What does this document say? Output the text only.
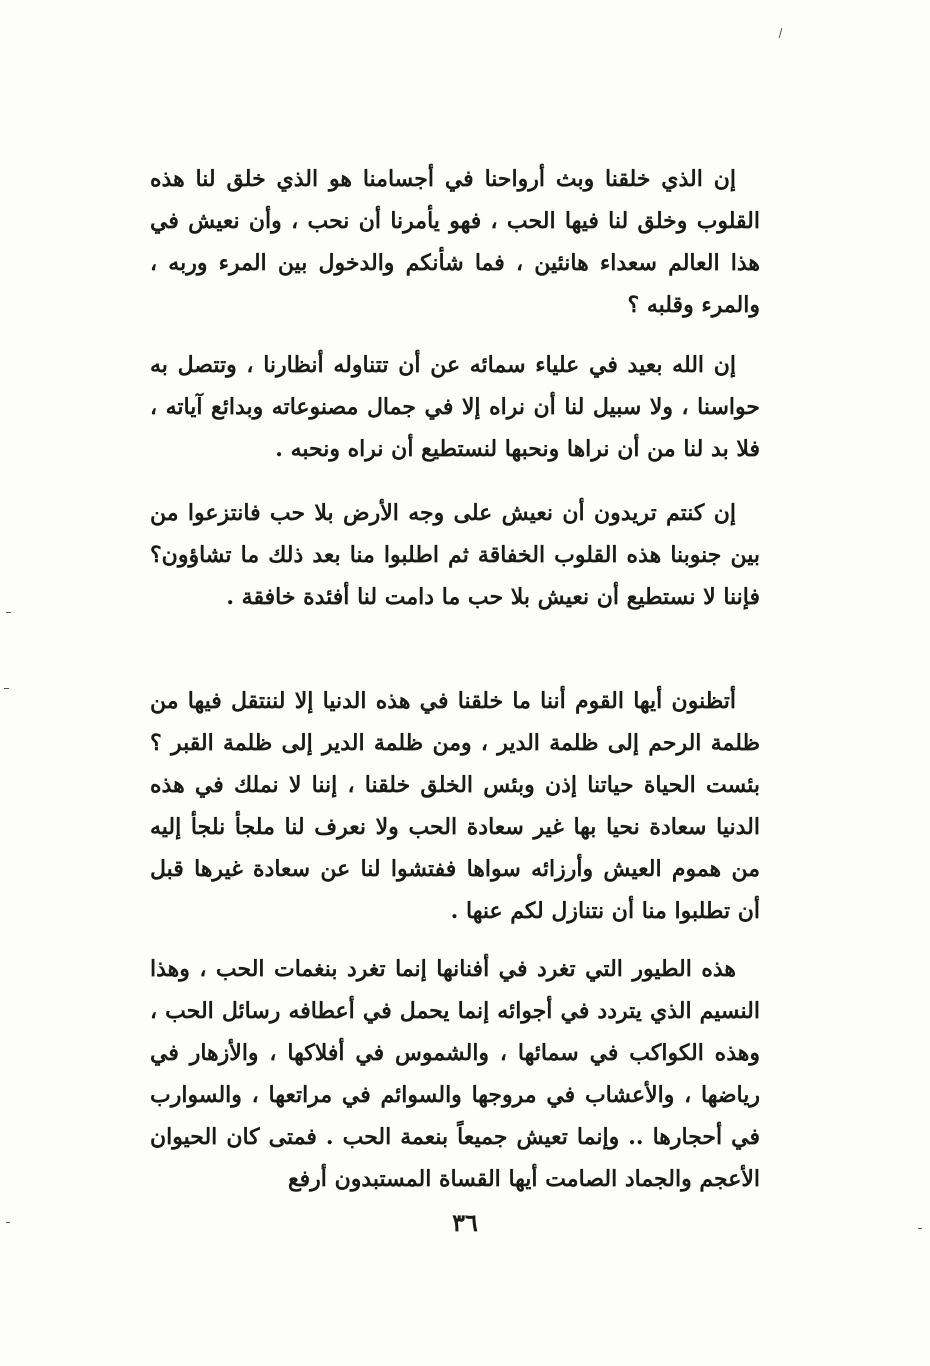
إن الذي خلقنا وبث أرواحنا في أجسامنا هو الذي خلق لنا هذه القلوب وخلق لنا فيها الحب ، فهو يأمرنا أن نحب ، وأن نعيش في هذا العالم سعداء هانئين ، فما شأنكم والدخول بين المرء وربه ، والمرء وقلبه ؟

إن الله بعيد في علياء سمائه عن أن تتناوله أنظارنا ، وتتصل به حواسنا ، ولا سبيل لنا أن نراه إلا في جمال مصنوعاته وبدائع آياته ، فلا بد لنا من أن نراها ونحبها لنستطيع أن نراه ونحبه .

إن كنتم تريدون أن نعيش على وجه الأرض بلا حب فانتزعوا من بين جنوبنا هذه القلوب الخفاقة ثم اطلبوا منا بعد ذلك ما تشاؤون؟ فإننا لا نستطيع أن نعيش بلا حب ما دامت لنا أفئدة خافقة .

أتظنون أيها القوم أننا ما خلقنا في هذه الدنيا إلا لننتقل فيها من ظلمة الرحم إلى ظلمة الدير ، ومن ظلمة الدير إلى ظلمة القبر ؟ بئست الحياة حياتنا إذن وبئس الخلق خلقنا ، إننا لا نملك في هذه الدنيا سعادة نحيا بها غير سعادة الحب ولا نعرف لنا ملجأ نلجأ إليه من هموم العيش وأرزائه سواها ففتشوا لنا عن سعادة غيرها قبل أن تطلبوا منا أن نتنازل لكم عنها .

هذه الطيور التي تغرد في أفنانها إنما تغرد بنغمات الحب ، وهذا النسيم الذي يتردد في أجوائه إنما يحمل في أعطافه رسائل الحب ، وهذه الكواكب في سمائها ، والشموس في أفلاكها ، والأزهار في رياضها ، والأعشاب في مروجها والسوائم في مراتعها ، والسوارب في أحجارها .. وإنما تعيش جميعاً بنعمة الحب . فمتى كان الحيوان الأعجم والجماد الصامت أيها القساة المستبدون أرفع

٣٦
